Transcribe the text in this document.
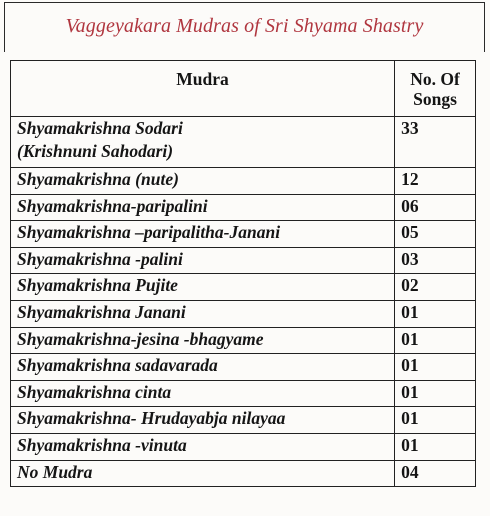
Vaggeyakara Mudras of Sri Shyama Shastry
Mudra	No. Of
Songs

Shyamakrishna Sodari
(Krishnuni Sahodari)	33
Shyamakrishna (nute)	12
Shyamakrishna-paripalini	06
Shyamakrishna –paripalitha-Janani	05
Shyamakrishna -palini	03
Shyamakrishna Pujite	02
Shyamakrishna Janani	01
Shyamakrishna-jesina -bhagyame	01
Shyamakrishna sadavarada	01
Shyamakrishna cinta	01
Shyamakrishna- Hrudayabja nilayaa	01
Shyamakrishna -vinuta	01
No Mudra	04
